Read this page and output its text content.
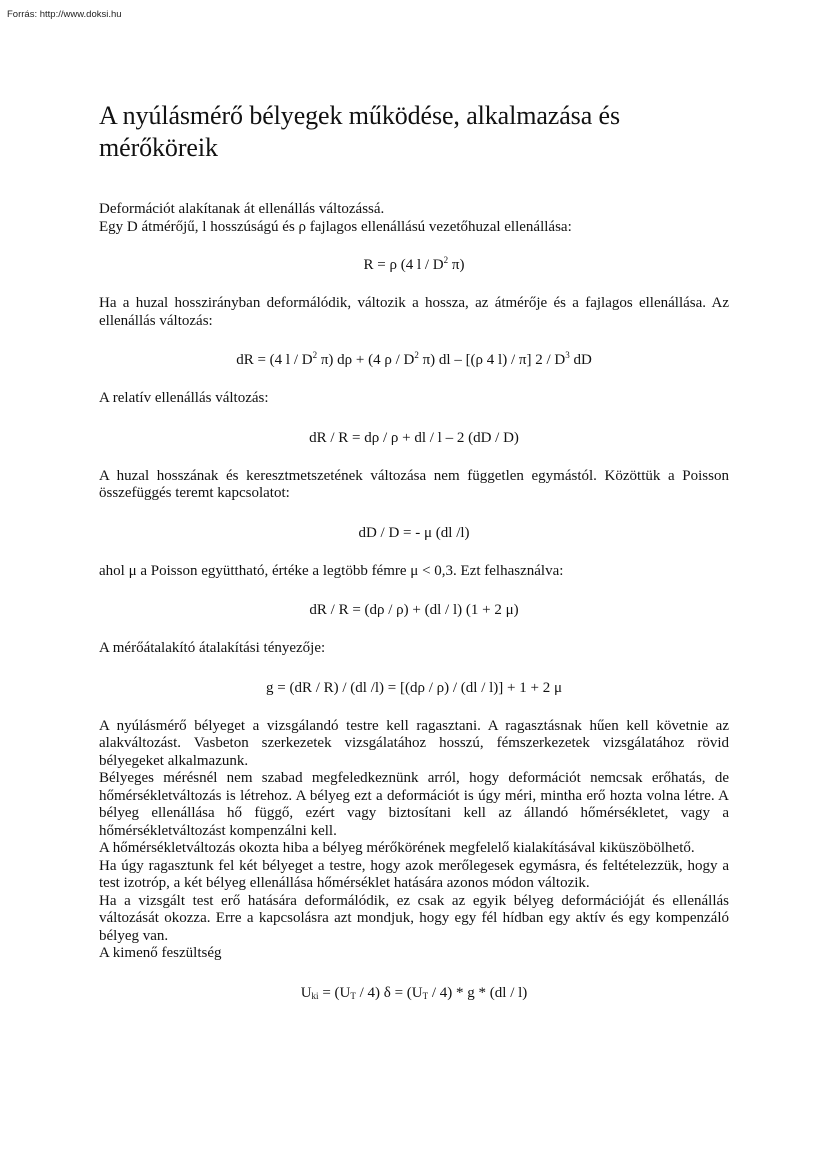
Forrás: http://www.doksi.hu
A nyúlásmérő bélyegek működése, alkalmazása és mérőköreik

Deformációt alakítanak át ellenállás változássá.

Egy D átmérőjű, l hosszúságú és ρ fajlagos ellenállású vezetőhuzal ellenállása:

R = ρ (4 l / $D^2$ π)

Ha a huzal hosszirányban deformálódik, változik a hossza, az átmérője és a fajlagos ellenállása. Az ellenállás változás:

dR = (4 l / $D^2$ π) dρ + (4 ρ / $D^2$ π) dl – [(ρ 4 l) / π] $2 / D^3$ dD

A relatív ellenállás változás:

dR / R = dρ / ρ + dl / l – 2 (dD / D)

A huzal hosszának és keresztmetszetének változása nem független egymástól. Közöttük a Poisson összefüggés teremt kapcsolatot:

dD / D = - μ (dl /l)

ahol μ a Poisson együttható, értéke a legtöbb fémre μ < 0,3. Ezt felhasználva:

dR / R = (dρ / ρ) + (dl / l) (1 + 2 μ)

A mérőátalakító átalakítási tényezője:

g = (dR / R) / (dl /l) = [(dρ / ρ) / (dl / l)] + 1 + 2 μ

A nyúlásmérő bélyeget a vizsgálandó testre kell ragasztani. A ragasztásnak hűen kell követnie az alakváltozást. Vasbeton szerkezetek vizsgálatához hosszú, fémszerkezetek vizsgálatához rövid bélyegeket alkalmazunk.

Bélyeges mérésnél nem szabad megfeledkeznünk arról, hogy deformációt nemcsak erőhatás, de hőmérsékletváltozás is létrehoz. A bélyeg ezt a deformációt is úgy méri, mintha erő hozta volna létre. A bélyeg ellenállása hő függő, ezért vagy biztosítani kell az állandó hőmérsékletet, vagy a hőmérsékletváltozást kompenzálni kell.

A hőmérsékletváltozás okozta hiba a bélyeg mérőkörének megfelelő kialakításával kiküszöbölhető.

Ha úgy ragasztunk fel két bélyeget a testre, hogy azok merőlegesek egymásra, és feltételezzük, hogy a test izotróp, a két bélyeg ellenállása hőmérséklet hatására azonos módon változik.

Ha a vizsgált test erő hatására deformálódik, ez csak az egyik bélyeg deformációját és ellenállás változását okozza. Erre a kapcsolásra azt mondjuk, hogy egy fél hídban egy aktív és egy kompenzáló bélyeg van.

A kimenő feszültség

$U_{ki} = (U_T / 4) \delta = (U_T / 4) * g * (dl / l)$
